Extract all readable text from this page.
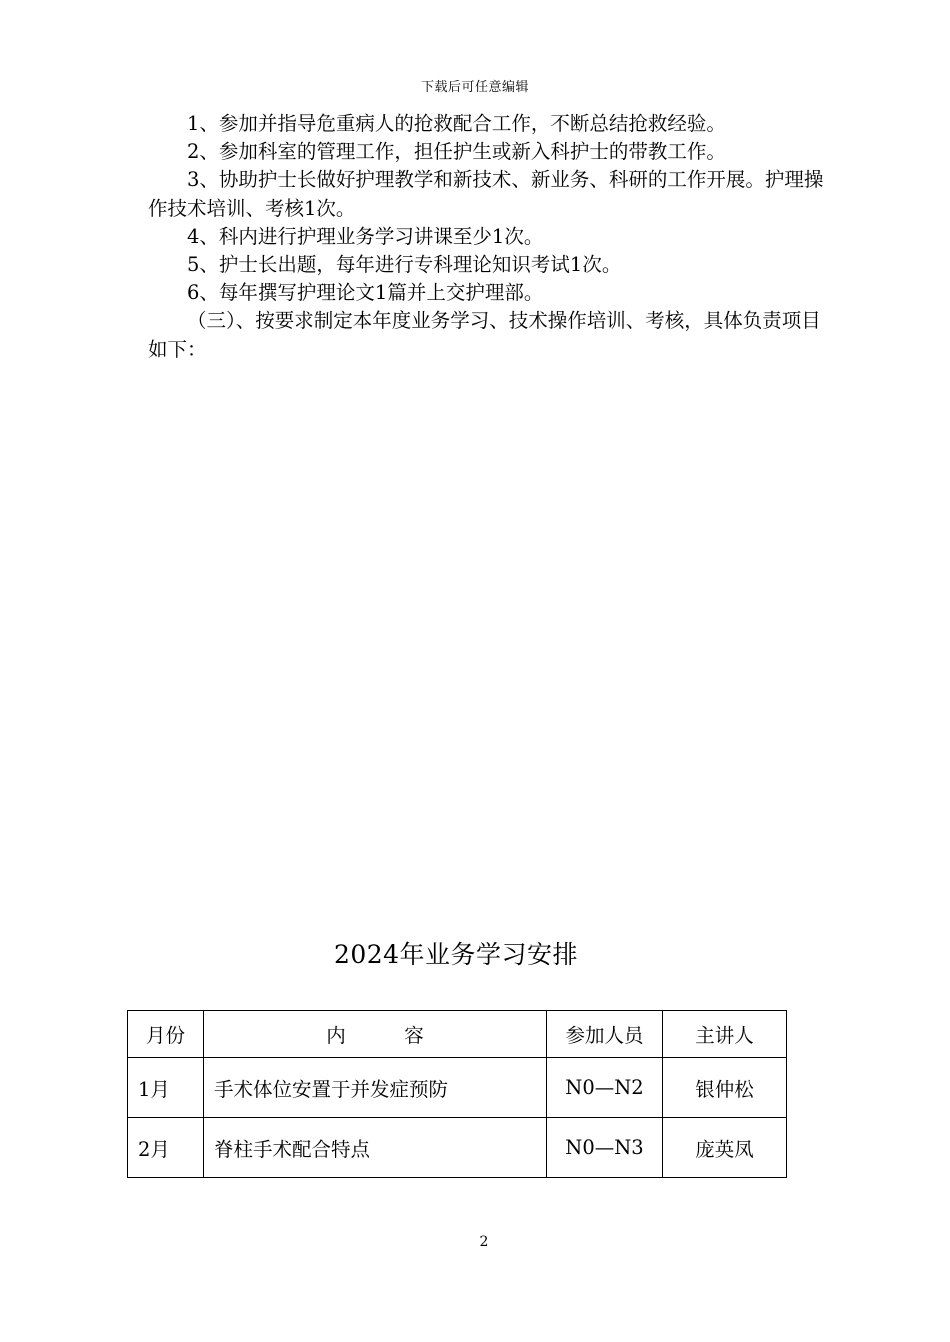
下载后可任意编辑

1、参加并指导危重病人的抢救配合工作，不断总结抢救经验。

2、参加科室的管理工作，担任护生或新入科护士的带教工作。

3、协助护士长做好护理教学和新技术、新业务、科研的工作开展。护理操作技术培训、考核1次。

4、科内进行护理业务学习讲课至少1次。

5、护士长出题，每年进行专科理论知识考试1次。

6、每年撰写护理论文1篇并上交护理部。

（三）、按要求制定本年度业务学习、技术操作培训、考核，具体负责项目如下：

2024年业务学习安排
月份	内　　　容	参加人员	主讲人
1月	手术体位安置于并发症预防	N0—N2	银仲松
2月	脊柱手术配合特点	N0—N3	庞英凤
2
